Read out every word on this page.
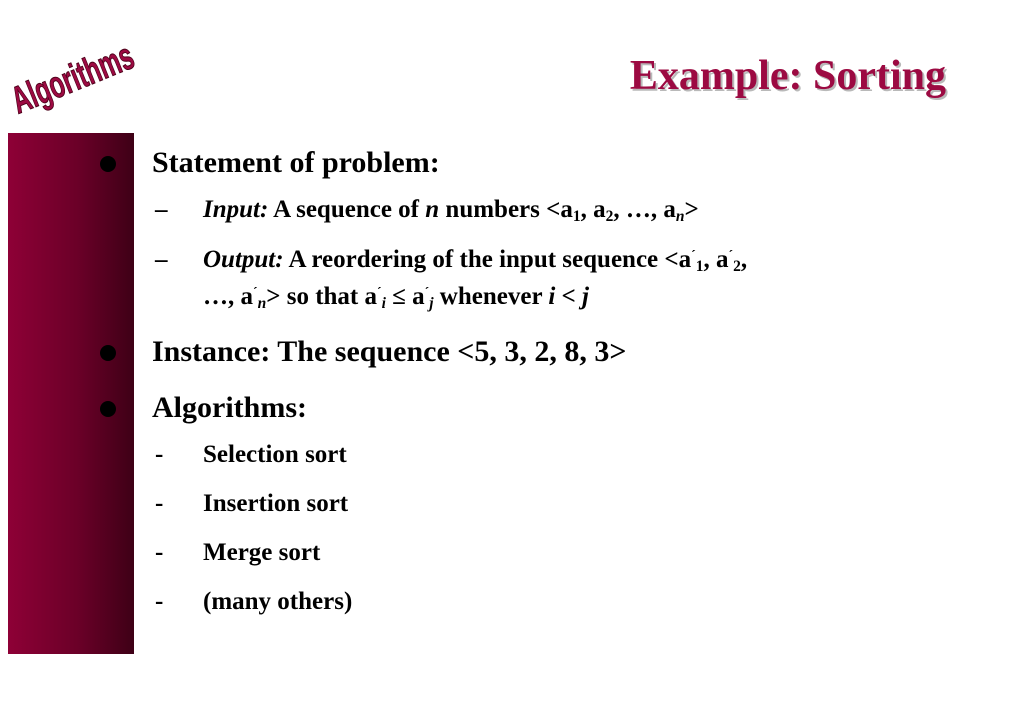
Algorithms	Example: Sorting
Statement of problem:
– Input: A sequence of n numbers $<a_1$, $a_2$, …, $a_n>$
– Output: A reordering of the input sequence $<a^´_1$, $a^´_2$,
…, $a^´_n>$ so that $a^´_i \le a^´_j$ whenever i < j
Instance: The sequence <5, 3, 2, 8, 3>
Algorithms:
- Selection sort
- Insertion sort
- Merge sort
- (many others)
